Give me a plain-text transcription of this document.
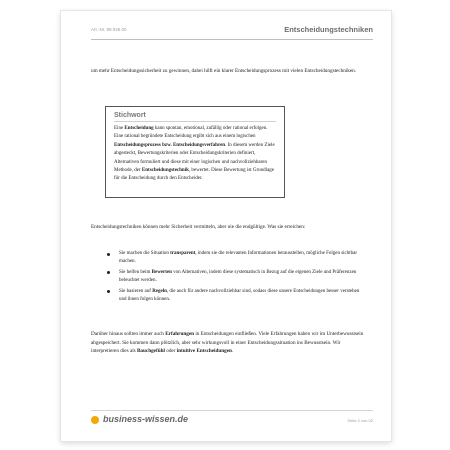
Art.-Nr. 99.026.00	Entscheidungstechniken
um mehr Entscheidungssicherheit zu gewinnen, dabei hilft ein klarer Entscheidungsprozess mit vielen Entscheidungstechniken.
Stichwort
Eine Entscheidung kann spontan, emotional, zufällig oder rational erfolgen. Eine rational begründete Entscheidung ergibt sich aus einem logischen Entscheidungsprozess bzw. Entscheidungsverfahren. In diesem werden Ziele abgesteckt, Bewertungskriterien oder Entscheidungskriterien definiert, Alternativen formuliert und diese mit einer logischen und nachvollziehbaren Methode, der Entscheidungstechnik, bewertet. Diese Bewertung ist Grundlage für die Entscheidung durch den Entscheider.
Entscheidungstechniken können mehr Sicherheit vermitteln, aber nie die endgültige. Was sie erreichen:
Sie machen die Situation transparent, indem sie die relevanten Informationen herausstellen, mögliche Folgen sichtbar machen.
Sie helfen beim Bewerten von Alternativen, indem diese systematisch in Bezug auf die eigenen Ziele und Präferenzen beleuchtet werden.
Sie basieren auf Regeln, die auch für andere nachvollziehbar sind, sodass diese unsere Entscheidungen besser verstehen und ihnen folgen können.
Darüber hinaus sollten immer auch Erfahrungen in Entscheidungen einfließen. Viele Erfahrungen haben wir im Unterbewusstsein abgespeichert. Sie kommen dann plötzlich, aber sehr wirkungsvoll in einer Entscheidungssituation ins Bewusstsein. Wir interpretieren dies als Bauchgefühl oder intuitive Entscheidungen.
business-wissen.de	Seite 2 von 02
